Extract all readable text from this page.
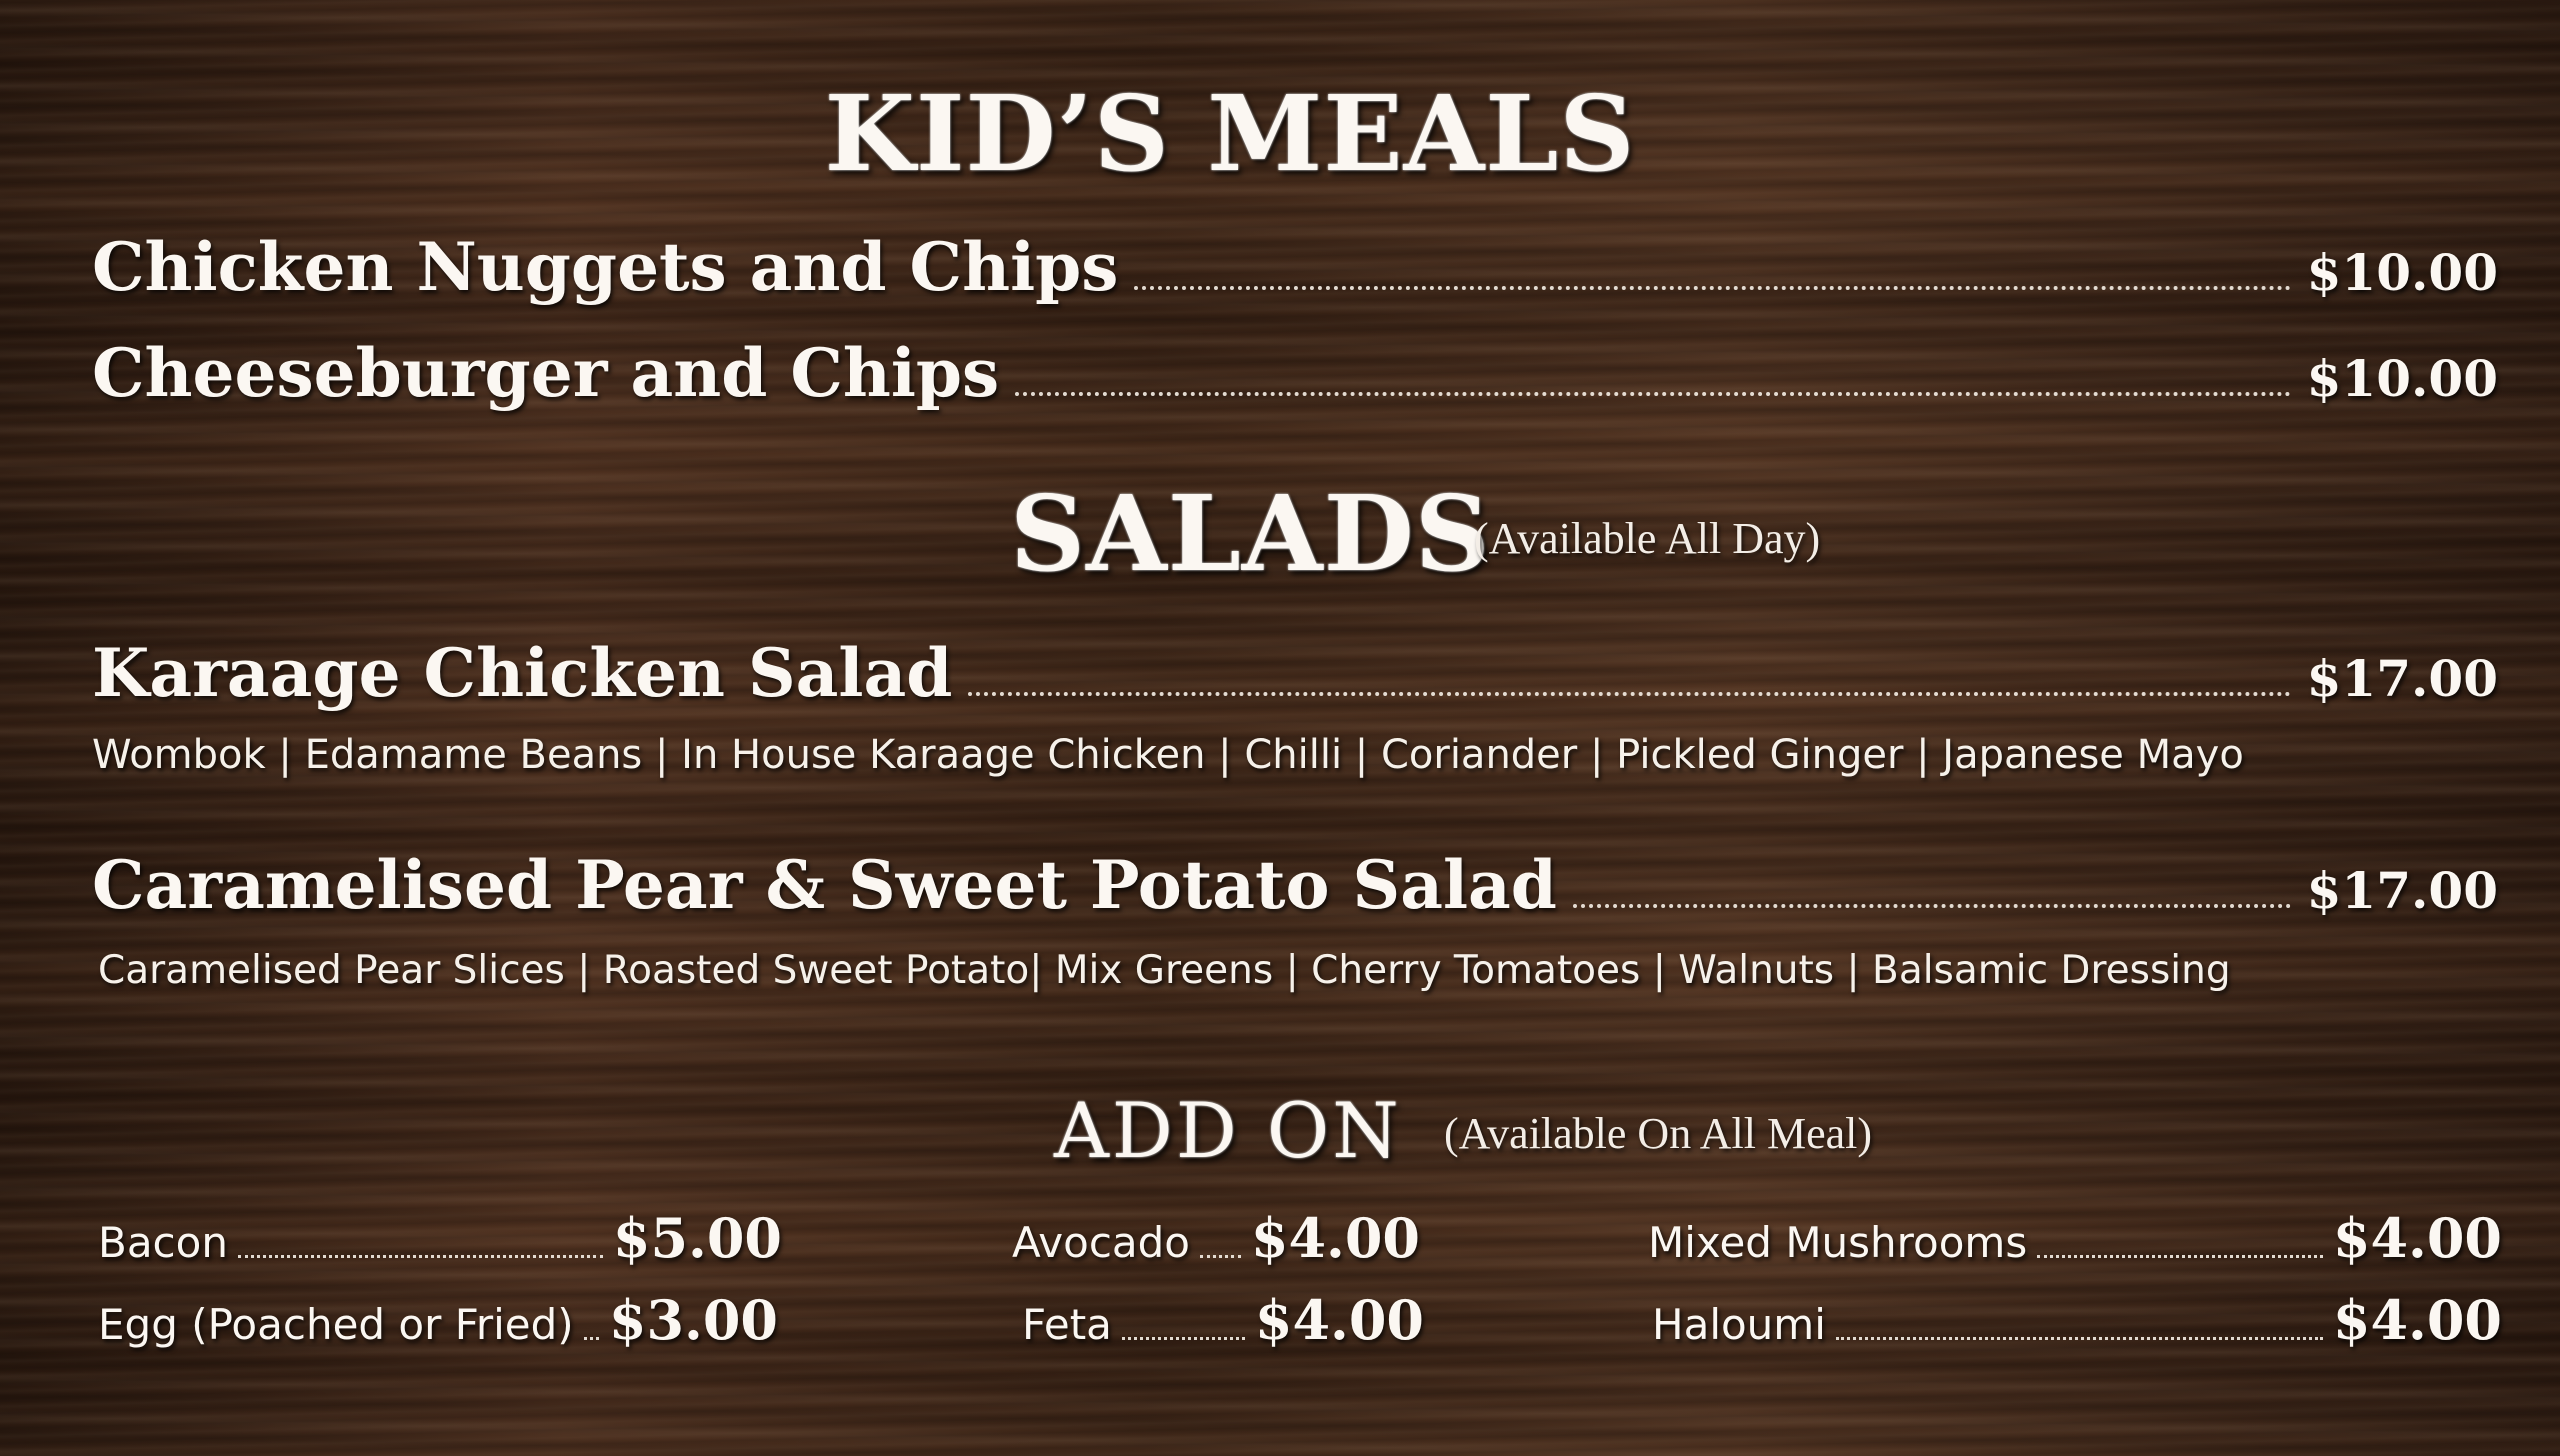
KID’S MEALS
Chicken Nuggets and Chips	$10.00
Cheeseburger and Chips	$10.00
SALADS
(Available All Day)
Karaage Chicken Salad	$17.00
Wombok | Edamame Beans | In House Karaage Chicken | Chilli | Coriander | Pickled Ginger | Japanese Mayo
Caramelised Pear & Sweet Potato Salad	$17.00
Caramelised Pear Slices | Roasted Sweet Potato| Mix Greens | Cherry Tomatoes | Walnuts | Balsamic Dressing
ADD ON (Available On All Meal)
Bacon	$5.00
Egg (Poached or Fried) $3.00
Avocado $4.00
Feta	$4.00
Mixed Mushrooms	$4.00
Haloumi	$4.00
